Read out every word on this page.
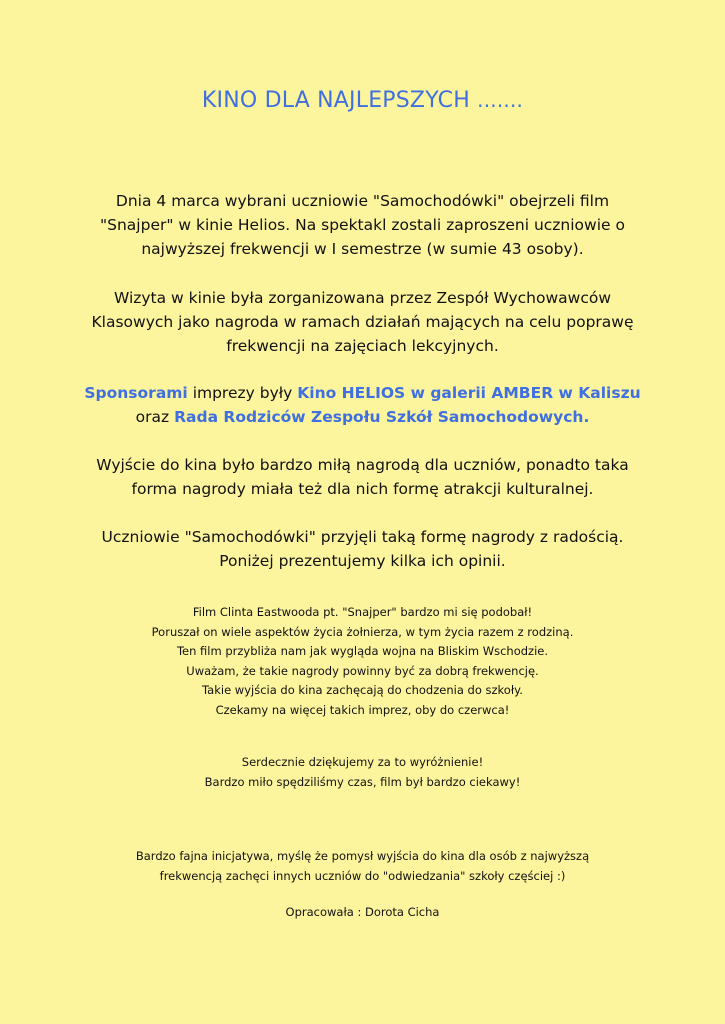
KINO DLA NAJLEPSZYCH .......
Dnia 4 marca wybrani uczniowie "Samochodówki" obejrzeli film
"Snajper" w kinie Helios. Na spektakl zostali zaproszeni uczniowie o
najwyższej frekwencji w I semestrze (w sumie 43 osoby).
Wizyta w kinie była zorganizowana przez Zespół Wychowawców
Klasowych jako nagroda w ramach działań mających na celu poprawę
frekwencji na zajęciach lekcyjnych.
Sponsorami imprezy były Kino HELIOS w galerii AMBER w Kaliszu
oraz Rada Rodziców Zespołu Szkół Samochodowych.
Wyjście do kina było bardzo miłą nagrodą dla uczniów, ponadto taka
forma nagrody miała też dla nich formę atrakcji kulturalnej.
Uczniowie "Samochodówki" przyjęli taką formę nagrody z radością.
Poniżej prezentujemy kilka ich opinii.
Film Clinta Eastwooda pt. "Snajper" bardzo mi się podobał!
Poruszał on wiele aspektów życia żołnierza, w tym życia razem z rodziną.
Ten film przybliża nam jak wygląda wojna na Bliskim Wschodzie.
Uważam, że takie nagrody powinny być za dobrą frekwencję.
Takie wyjścia do kina zachęcają do chodzenia do szkoły.
Czekamy na więcej takich imprez, oby do czerwca!
Serdecznie dziękujemy za to wyróżnienie!
Bardzo miło spędziliśmy czas, film był bardzo ciekawy!
Bardzo fajna inicjatywa, myślę że pomysł wyjścia do kina dla osób z najwyższą
frekwencją zachęci innych uczniów do "odwiedzania" szkoły częściej :)
Opracowała : Dorota Cicha
